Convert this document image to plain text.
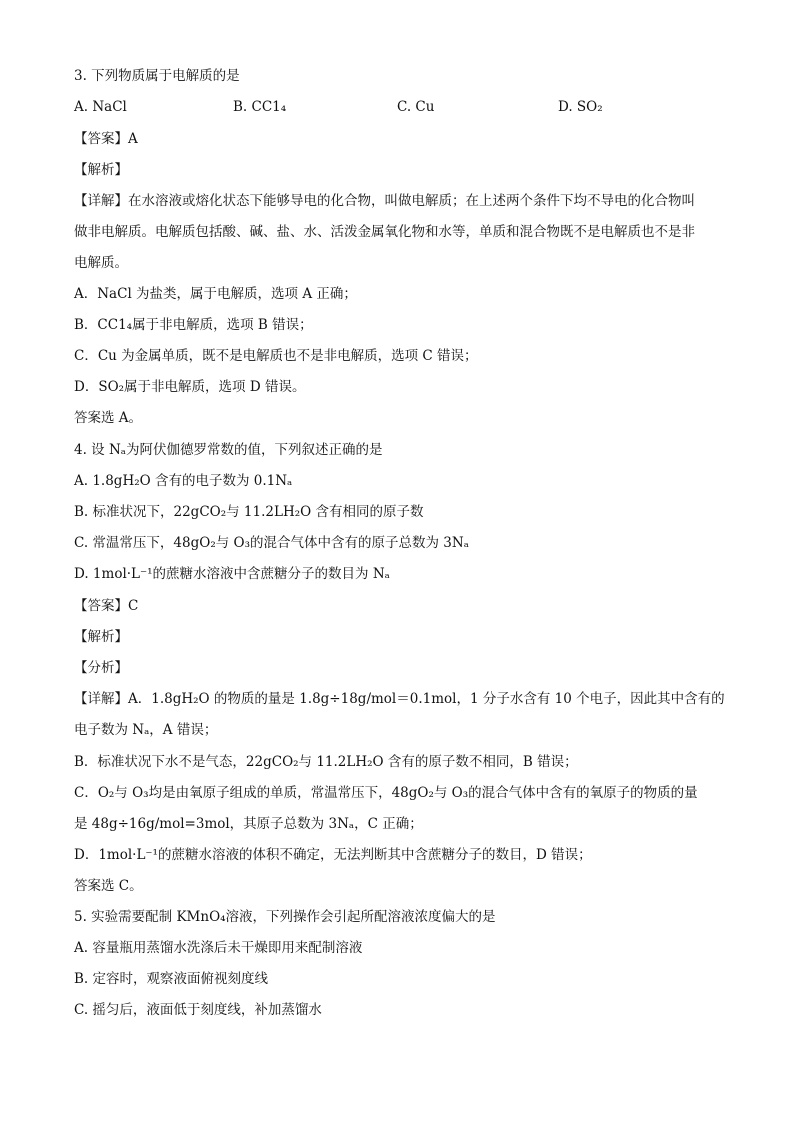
3. 下列物质属于电解质的是
A. NaCl	B. CC1₄	C. Cu	D. SO₂
【答案】A
【解析】
【详解】在水溶液或熔化状态下能够导电的化合物，叫做电解质；在上述两个条件下均不导电的化合物叫
做非电解质。电解质包括酸、碱、盐、水、活泼金属氧化物和水等，单质和混合物既不是电解质也不是非
电解质。
A．NaCl 为盐类，属于电解质，选项 A 正确；
B．CC1₄属于非电解质，选项 B 错误；
C．Cu 为金属单质，既不是电解质也不是非电解质，选项 C 错误；
D．SO₂属于非电解质，选项 D 错误。
答案选 A。
4. 设 Nₐ为阿伏伽德罗常数的值，下列叙述正确的是
A. 1.8gH₂O 含有的电子数为 0.1Nₐ
B. 标准状况下，22gCO₂与 11.2LH₂O 含有相同的原子数
C. 常温常压下，48gO₂与 O₃的混合气体中含有的原子总数为 3Nₐ
D. 1mol·L⁻¹的蔗糖水溶液中含蔗糖分子的数目为 Nₐ
【答案】C
【解析】
【分析】
【详解】A．1.8gH₂O 的物质的量是 1.8g÷18g/mol＝0.1mol，1 分子水含有 10 个电子，因此其中含有的
电子数为 Nₐ，A 错误；
B．标准状况下水不是气态，22gCO₂与 11.2LH₂O 含有的原子数不相同，B 错误；
C．O₂与 O₃均是由氧原子组成的单质，常温常压下，48gO₂与 O₃的混合气体中含有的氧原子的物质的量
是 48g÷16g/mol=3mol，其原子总数为 3Nₐ，C 正确；
D．1mol·L⁻¹的蔗糖水溶液的体积不确定，无法判断其中含蔗糖分子的数目，D 错误；
答案选 C。
5. 实验需要配制 KMnO₄溶液，下列操作会引起所配溶液浓度偏大的是
A. 容量瓶用蒸馏水洗涤后未干燥即用来配制溶液
B. 定容时，观察液面俯视刻度线
C. 摇匀后，液面低于刻度线，补加蒸馏水
